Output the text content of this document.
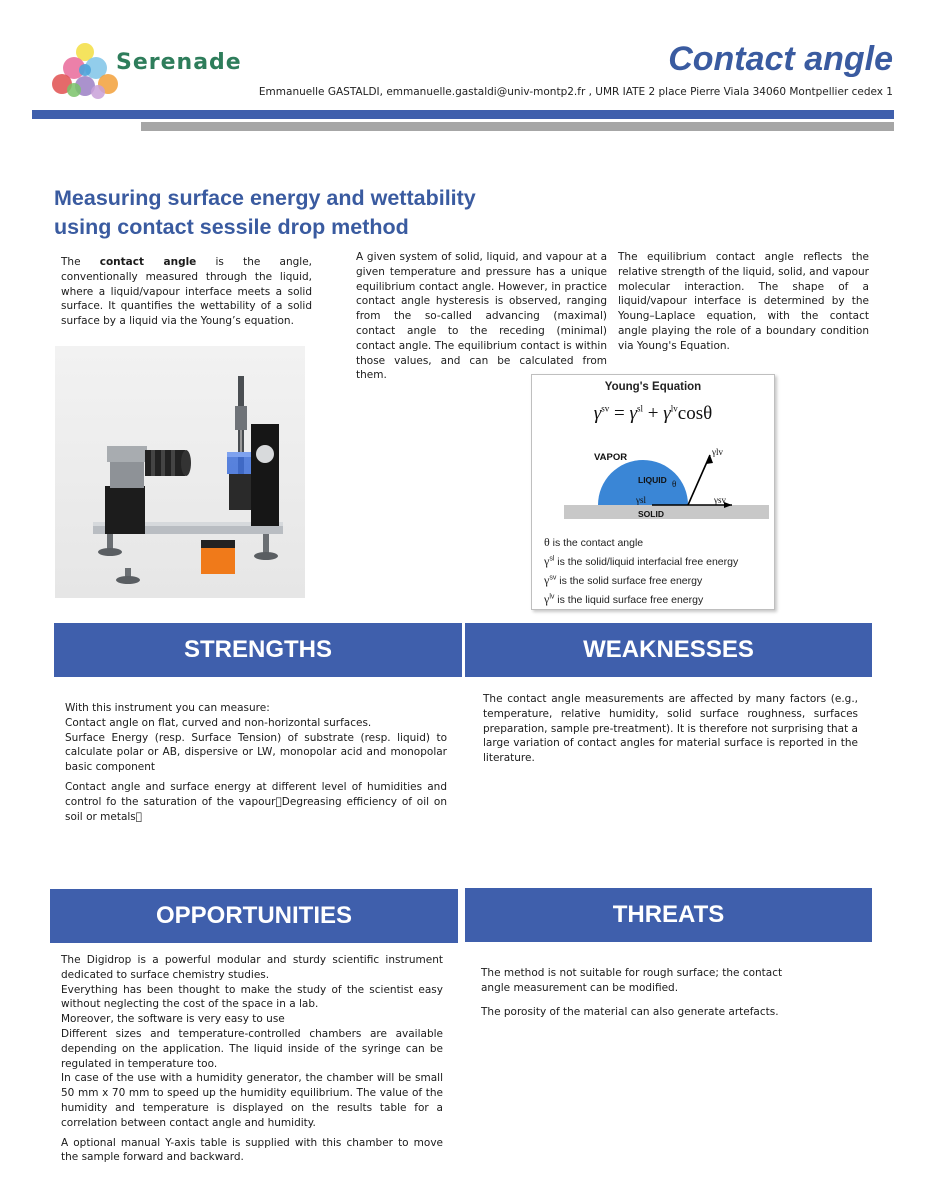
Serenade	Contact angle
Emmanuelle GASTALDI, emmanuelle.gastaldi@univ-montp2.fr , UMR IATE 2 place Pierre Viala 34060 Montpellier cedex 1
Measuring surface energy and wettability
using contact sessile drop method
The contact angle is the angle, conventionally measured through the liquid, where a liquid/vapour interface meets a solid surface. It quantifies the wettability of a solid surface by a liquid via the Young’s equation.
A given system of solid, liquid, and vapour at a given temperature and pressure has a unique equilibrium contact angle. However, in practice contact angle hysteresis is observed, ranging from the so-called advancing (maximal) contact angle to the receding (minimal) contact angle. The equilibrium contact is within those values, and can be calculated from them.
The equilibrium contact angle reflects the relative strength of the liquid, solid, and vapour molecular interaction. The shape of a liquid/vapour interface is determined by the Young–Laplace equation, with the contact angle playing the role of a boundary condition via Young's Equation.
Young's Equation
$\gamma^{sv} = \gamma^{sl} + \gamma^{lv}\cos\theta$
VAPOR
LIQUID
SOLID
γlv
γsl	γsv
θ
θ is the contact angle
$\gamma^{sl}$ is the solid/liquid interfacial free energy
$\gamma^{sv}$ is the solid surface free energy
$\gamma^{lv}$ is the liquid surface free energy
STRENGTHS

With this instrument you can measure:

Contact angle on flat, curved and non-horizontal surfaces.

Surface Energy (resp. Surface Tension) of substrate (resp. liquid) to calculate polar or AB, dispersive or LW, monopolar acid and monopolar basic component

Contact angle and surface energy at different level of humidities and control fo the saturation of the vapour Degreasing efficiency of oil on soil or metals 

WEAKNESSES
The contact angle measurements are affected by many factors (e.g., temperature, relative humidity, solid surface roughness, surfaces preparation, sample pre-treatment). It is therefore not surprising that a large variation of contact angles for material surface is reported in the literature.
OPPORTUNITIES

The Digidrop is a powerful modular and sturdy scientific instrument dedicated to surface chemistry studies.

Everything has been thought to make the study of the scientist easy without neglecting the cost of the space in a lab.

Moreover, the software is very easy to use

Different sizes and temperature-controlled chambers are available depending on the application. The liquid inside of the syringe can be regulated in temperature too.

In case of the use with a humidity generator, the chamber will be small 50 mm x 70 mm to speed up the humidity equilibrium. The value of the humidity and temperature is displayed on the results table for a correlation between contact angle and humidity.

A optional manual Y-axis table is supplied with this chamber to move the sample forward and backward.

THREATS

The method is not suitable for rough surface; the contact angle measurement can be modified.

The porosity of the material can also generate artefacts.
